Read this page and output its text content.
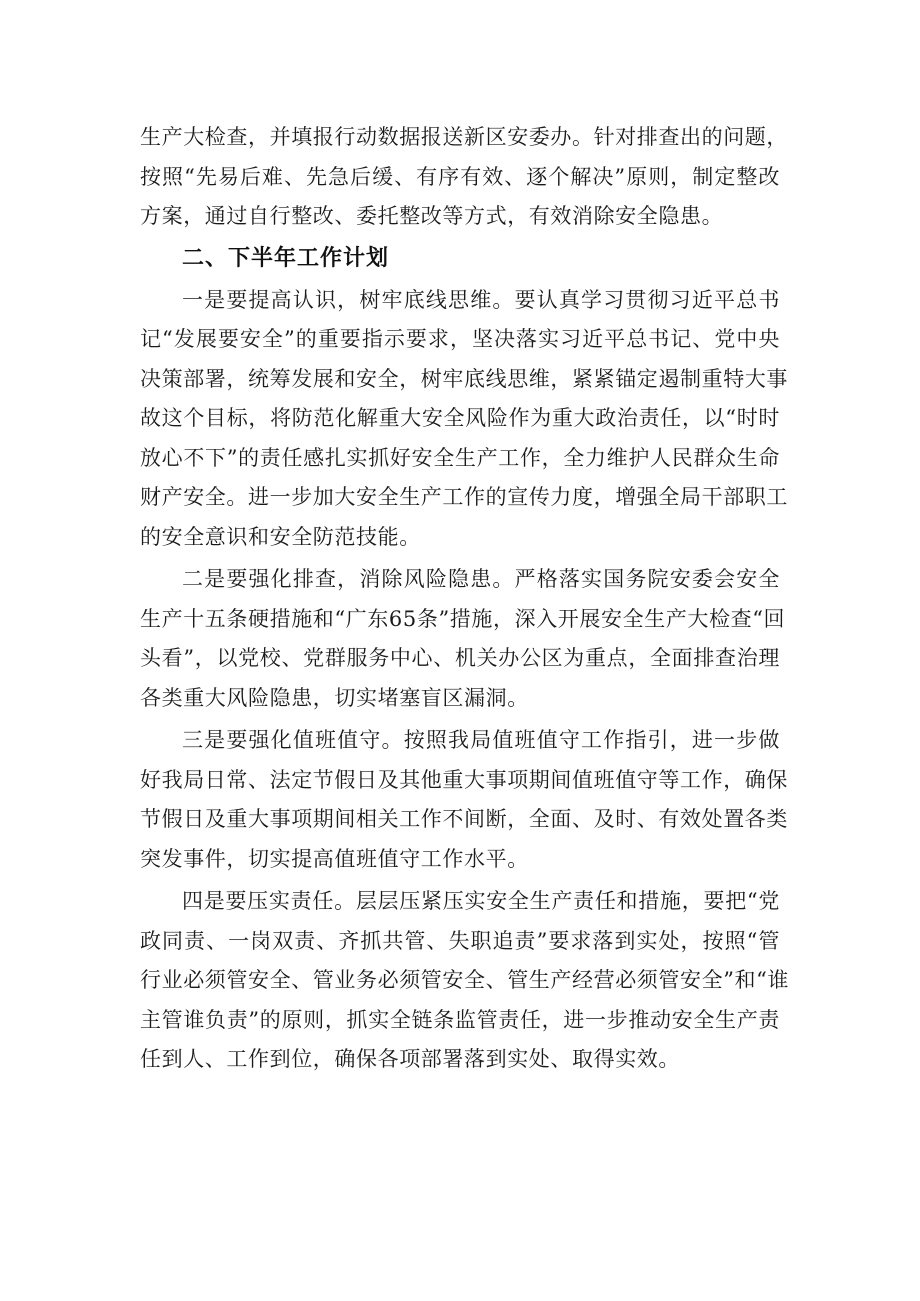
生产大检查，并填报行动数据报送新区安委办。针对排查出的问题，
按照“先易后难、先急后缓、有序有效、逐个解决”原则，制定整改
方案，通过自行整改、委托整改等方式，有效消除安全隐患。
二、下半年工作计划
一是要提高认识，树牢底线思维。要认真学习贯彻习近平总书
记“发展要安全”的重要指示要求，坚决落实习近平总书记、党中央
决策部署，统筹发展和安全，树牢底线思维，紧紧锚定遏制重特大事
故这个目标，将防范化解重大安全风险作为重大政治责任，以“时时
放心不下”的责任感扎实抓好安全生产工作，全力维护人民群众生命
财产安全。进一步加大安全生产工作的宣传力度，增强全局干部职工
的安全意识和安全防范技能。
二是要强化排查，消除风险隐患。严格落实国务院安委会安全
生产十五条硬措施和“广东65条”措施，深入开展安全生产大检查“回
头看”，以党校、党群服务中心、机关办公区为重点，全面排查治理
各类重大风险隐患，切实堵塞盲区漏洞。
三是要强化值班值守。按照我局值班值守工作指引，进一步做
好我局日常、法定节假日及其他重大事项期间值班值守等工作，确保
节假日及重大事项期间相关工作不间断，全面、及时、有效处置各类
突发事件，切实提高值班值守工作水平。
四是要压实责任。层层压紧压实安全生产责任和措施，要把“党
政同责、一岗双责、齐抓共管、失职追责”要求落到实处，按照“管
行业必须管安全、管业务必须管安全、管生产经营必须管安全”和“谁
主管谁负责”的原则，抓实全链条监管责任，进一步推动安全生产责
任到人、工作到位，确保各项部署落到实处、取得实效。
